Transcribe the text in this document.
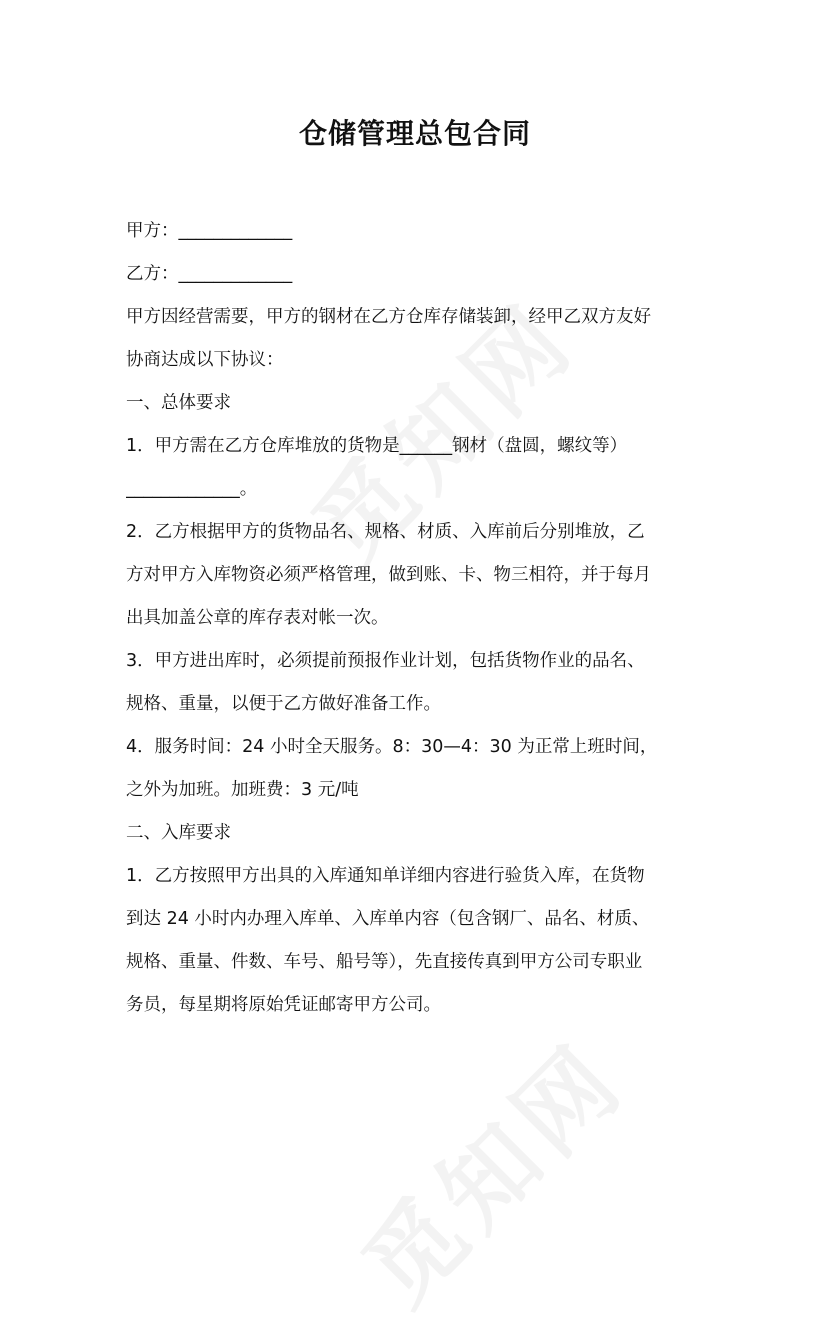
仓储管理总包合同
甲方：_____________
乙方：_____________
甲方因经营需要，甲方的钢材在乙方仓库存储装卸，经甲乙双方友好
协商达成以下协议：
一、总体要求
1．甲方需在乙方仓库堆放的货物是______钢材（盘圆，螺纹等）
_____________。
2．乙方根据甲方的货物品名、规格、材质、入库前后分别堆放，乙
方对甲方入库物资必须严格管理，做到账、卡、物三相符，并于每月
出具加盖公章的库存表对帐一次。
3．甲方进出库时，必须提前预报作业计划，包括货物作业的品名、
规格、重量，以便于乙方做好准备工作。
4．服务时间：24 小时全天服务。8：30—4：30 为正常上班时间，
之外为加班。加班费：3 元/吨
二、入库要求
1．乙方按照甲方出具的入库通知单详细内容进行验货入库，在货物
到达 24 小时内办理入库单、入库单内容（包含钢厂、品名、材质、
规格、重量、件数、车号、船号等），先直接传真到甲方公司专职业
务员，每星期将原始凭证邮寄甲方公司。
